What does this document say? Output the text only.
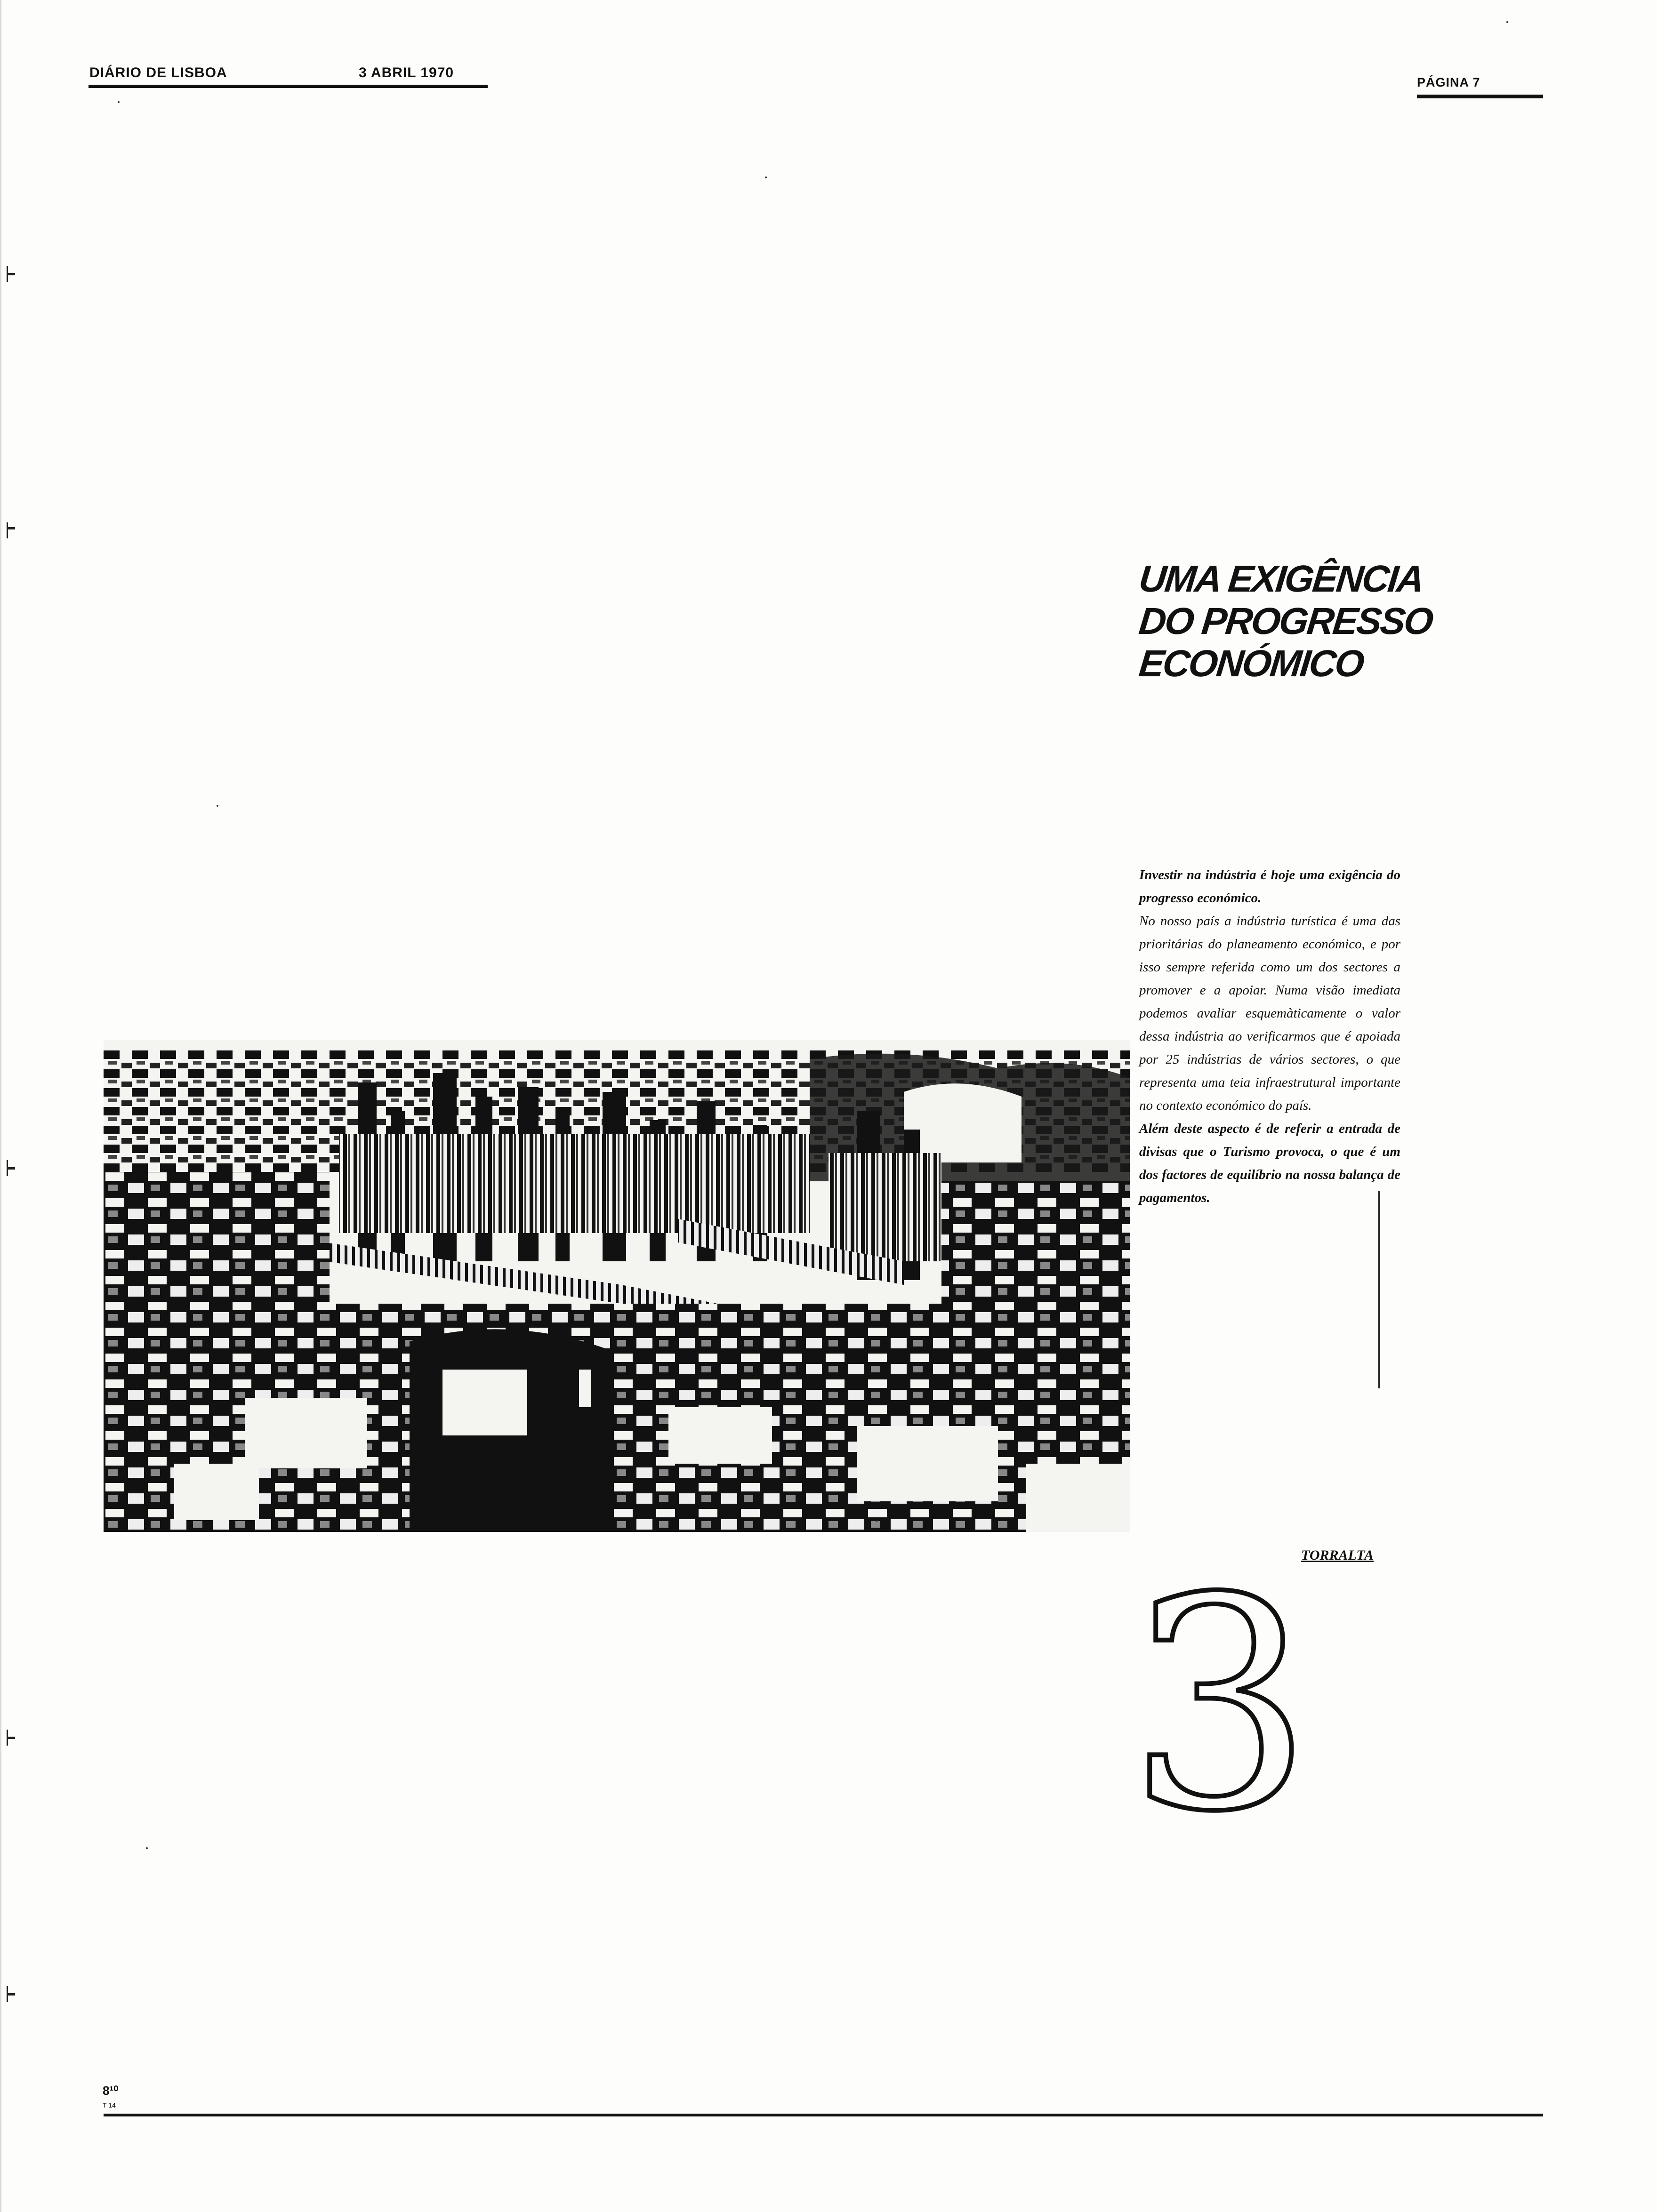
DIÁRIO DE LISBOA	3 ABRIL 1970
PÁGINA 7
UMA EXIGÊNCIA
DO PROGRESSO
ECONÓMICO

Investir na indústria é hoje uma exigência do progresso económico.

No nosso país a indústria turística é uma das prioritárias do planeamento económico, e por isso sempre referida como um dos sectores a promover e a apoiar. Numa visão imediata podemos avaliar esquemàticamente o valor dessa indústria ao verificarmos que é apoiada por 25 indústrias de vários sectores, o que representa uma teia infraestrutural importante no contexto económico do país.

Além deste aspecto é de referir a entrada de divisas que o Turismo provoca, o que é um dos factores de equilíbrio na nossa balança de pagamentos.

TORRALTA
3
8¹⁰
T 14
